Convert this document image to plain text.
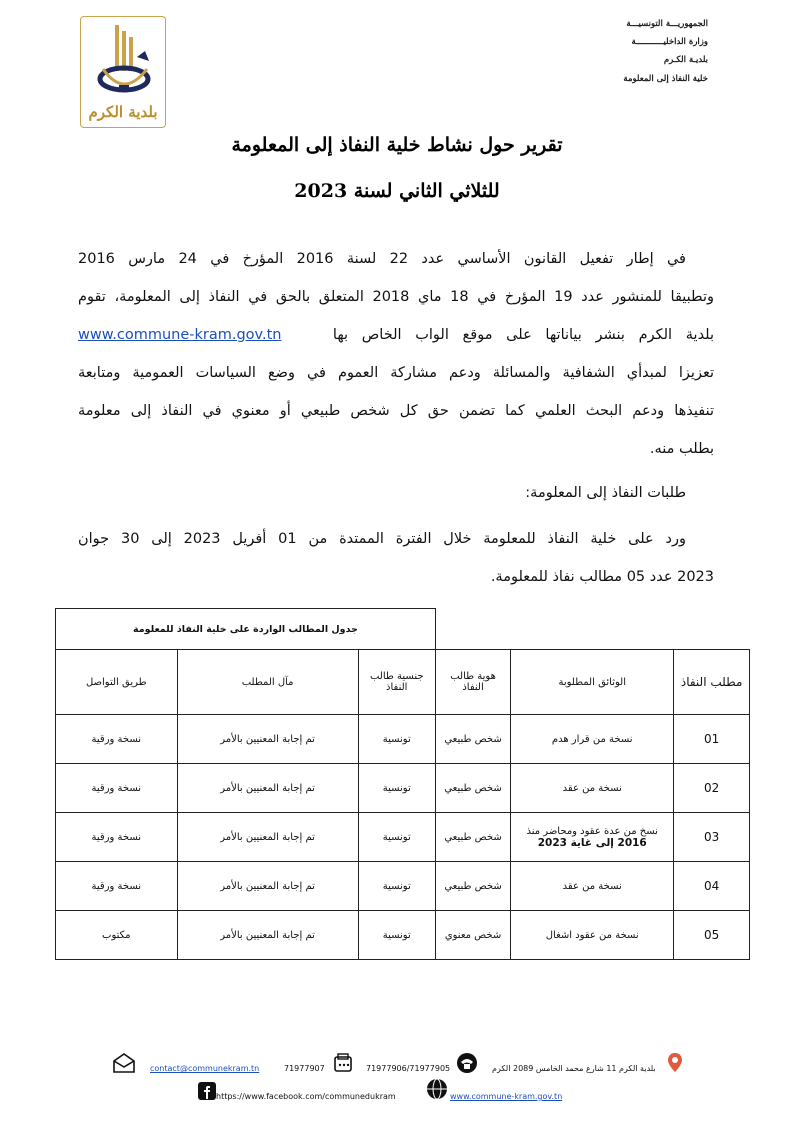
بلدية الكرم
الجمهوريـــة التونسيـــة
وزارة الداخليـــــــــــة
بلديـة الكـرم
خلية النفاذ إلى المعلومة
تقرير حول نشاط خلية النفاذ إلى المعلومة
للثلاثي الثاني لسنة 2023
في إطار تفعيل القانون الأساسي عدد 22 لسنة 2016 المؤرخ في 24 مارس 2016
وتطبيقا للمنشور عدد 19 المؤرخ في 18 ماي 2018 المتعلق بالحق في النفاذ إلى المعلومة، تقوم
بلدية الكرم بنشر بياناتها على موقع الواب الخاص بها  www.commune-kram.gov.tn
تعزيزا لمبدأي الشفافية والمسائلة ودعم مشاركة العموم في وضع السياسات العمومية ومتابعة
تنفيذها ودعم البحث العلمي كما تضمن حق كل شخص طبيعي أو معنوي في النفاذ إلى معلومة
بطلب منه.
طلبات النفاذ إلى المعلومة:
ورد على خلية النفاذ للمعلومة خلال الفترة الممتدة من 01 أفريل 2023 إلى 30 جوان
2023 عدد 05 مطالب نفاذ للمعلومة.
			جدول المطالب الواردة على خلية النفاذ للمعلومة		
مطلب النفاذ	الوثائق المطلوبة	هوية طالب النفاذ	جنسية طالب النفاذ	مآل المطلب	طريق التواصل
01	نسخة من قرار هدم	شخص طبيعي	تونسية	تم إجابة المعنيين بالأمر	نسخة ورقية
02	نسخة من عقد	شخص طبيعي	تونسية	تم إجابة المعنيين بالأمر	نسخة ورقية
03	نسخ من عدة عقود ومحاضر منذ
2016 إلى غاية 2023	شخص طبيعي	تونسية	تم إجابة المعنيين بالأمر	نسخة ورقية
04	نسخة من عقد	شخص طبيعي	تونسية	تم إجابة المعنيين بالأمر	نسخة ورقية
05	نسخة من عقود اشغال	شخص معنوي	تونسية	تم إجابة المعنيين بالأمر	مكتوب
contact@communekram.tn	71977907	71977906/71977905	بلدية الكرم 11 شارع محمد الخامس 2089 الكرم
https://www.facebook.com/communedukram	www.commune-kram.gov.tn
